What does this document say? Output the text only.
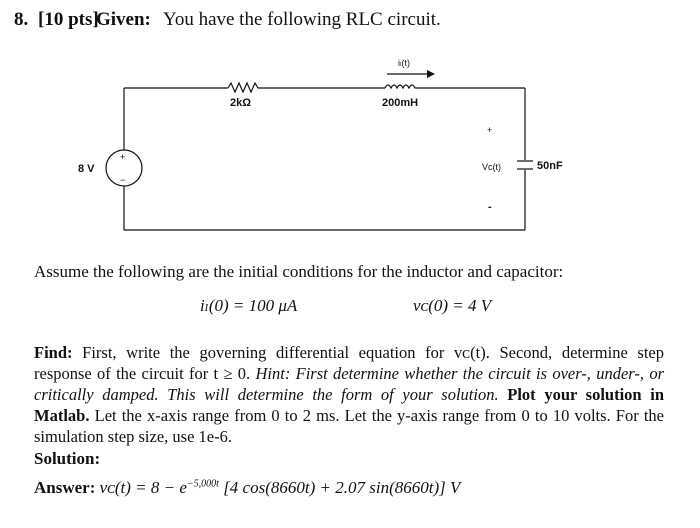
8. [10 pts]
Given: You have the following RLC circuit.
8 V
+
−
2kΩ	200mH
iₗ(t)
50nF
Vᴄ(t)
+
-
Assume the following are the initial conditions for the inductor and capacitor:
iₗ(0) = 100 μA	vᴄ(0) = 4 V
Find: First, write the governing differential equation for vᴄ(t). Second, determine step response of the circuit for t ≥ 0. Hint: First determine whether the circuit is over-, under-, or critically damped. This will determine the form of your solution. Plot your solution in Matlab. Let the x-axis range from 0 to 2 ms. Let the y-axis range from 0 to 10 volts. For the simulation step size, use 1e-6.
Solution:
Answer: vᴄ(t) = $8 - e^{-5,000t}$ [4 cos(8660t) + 2.07 sin(8660t)] V
